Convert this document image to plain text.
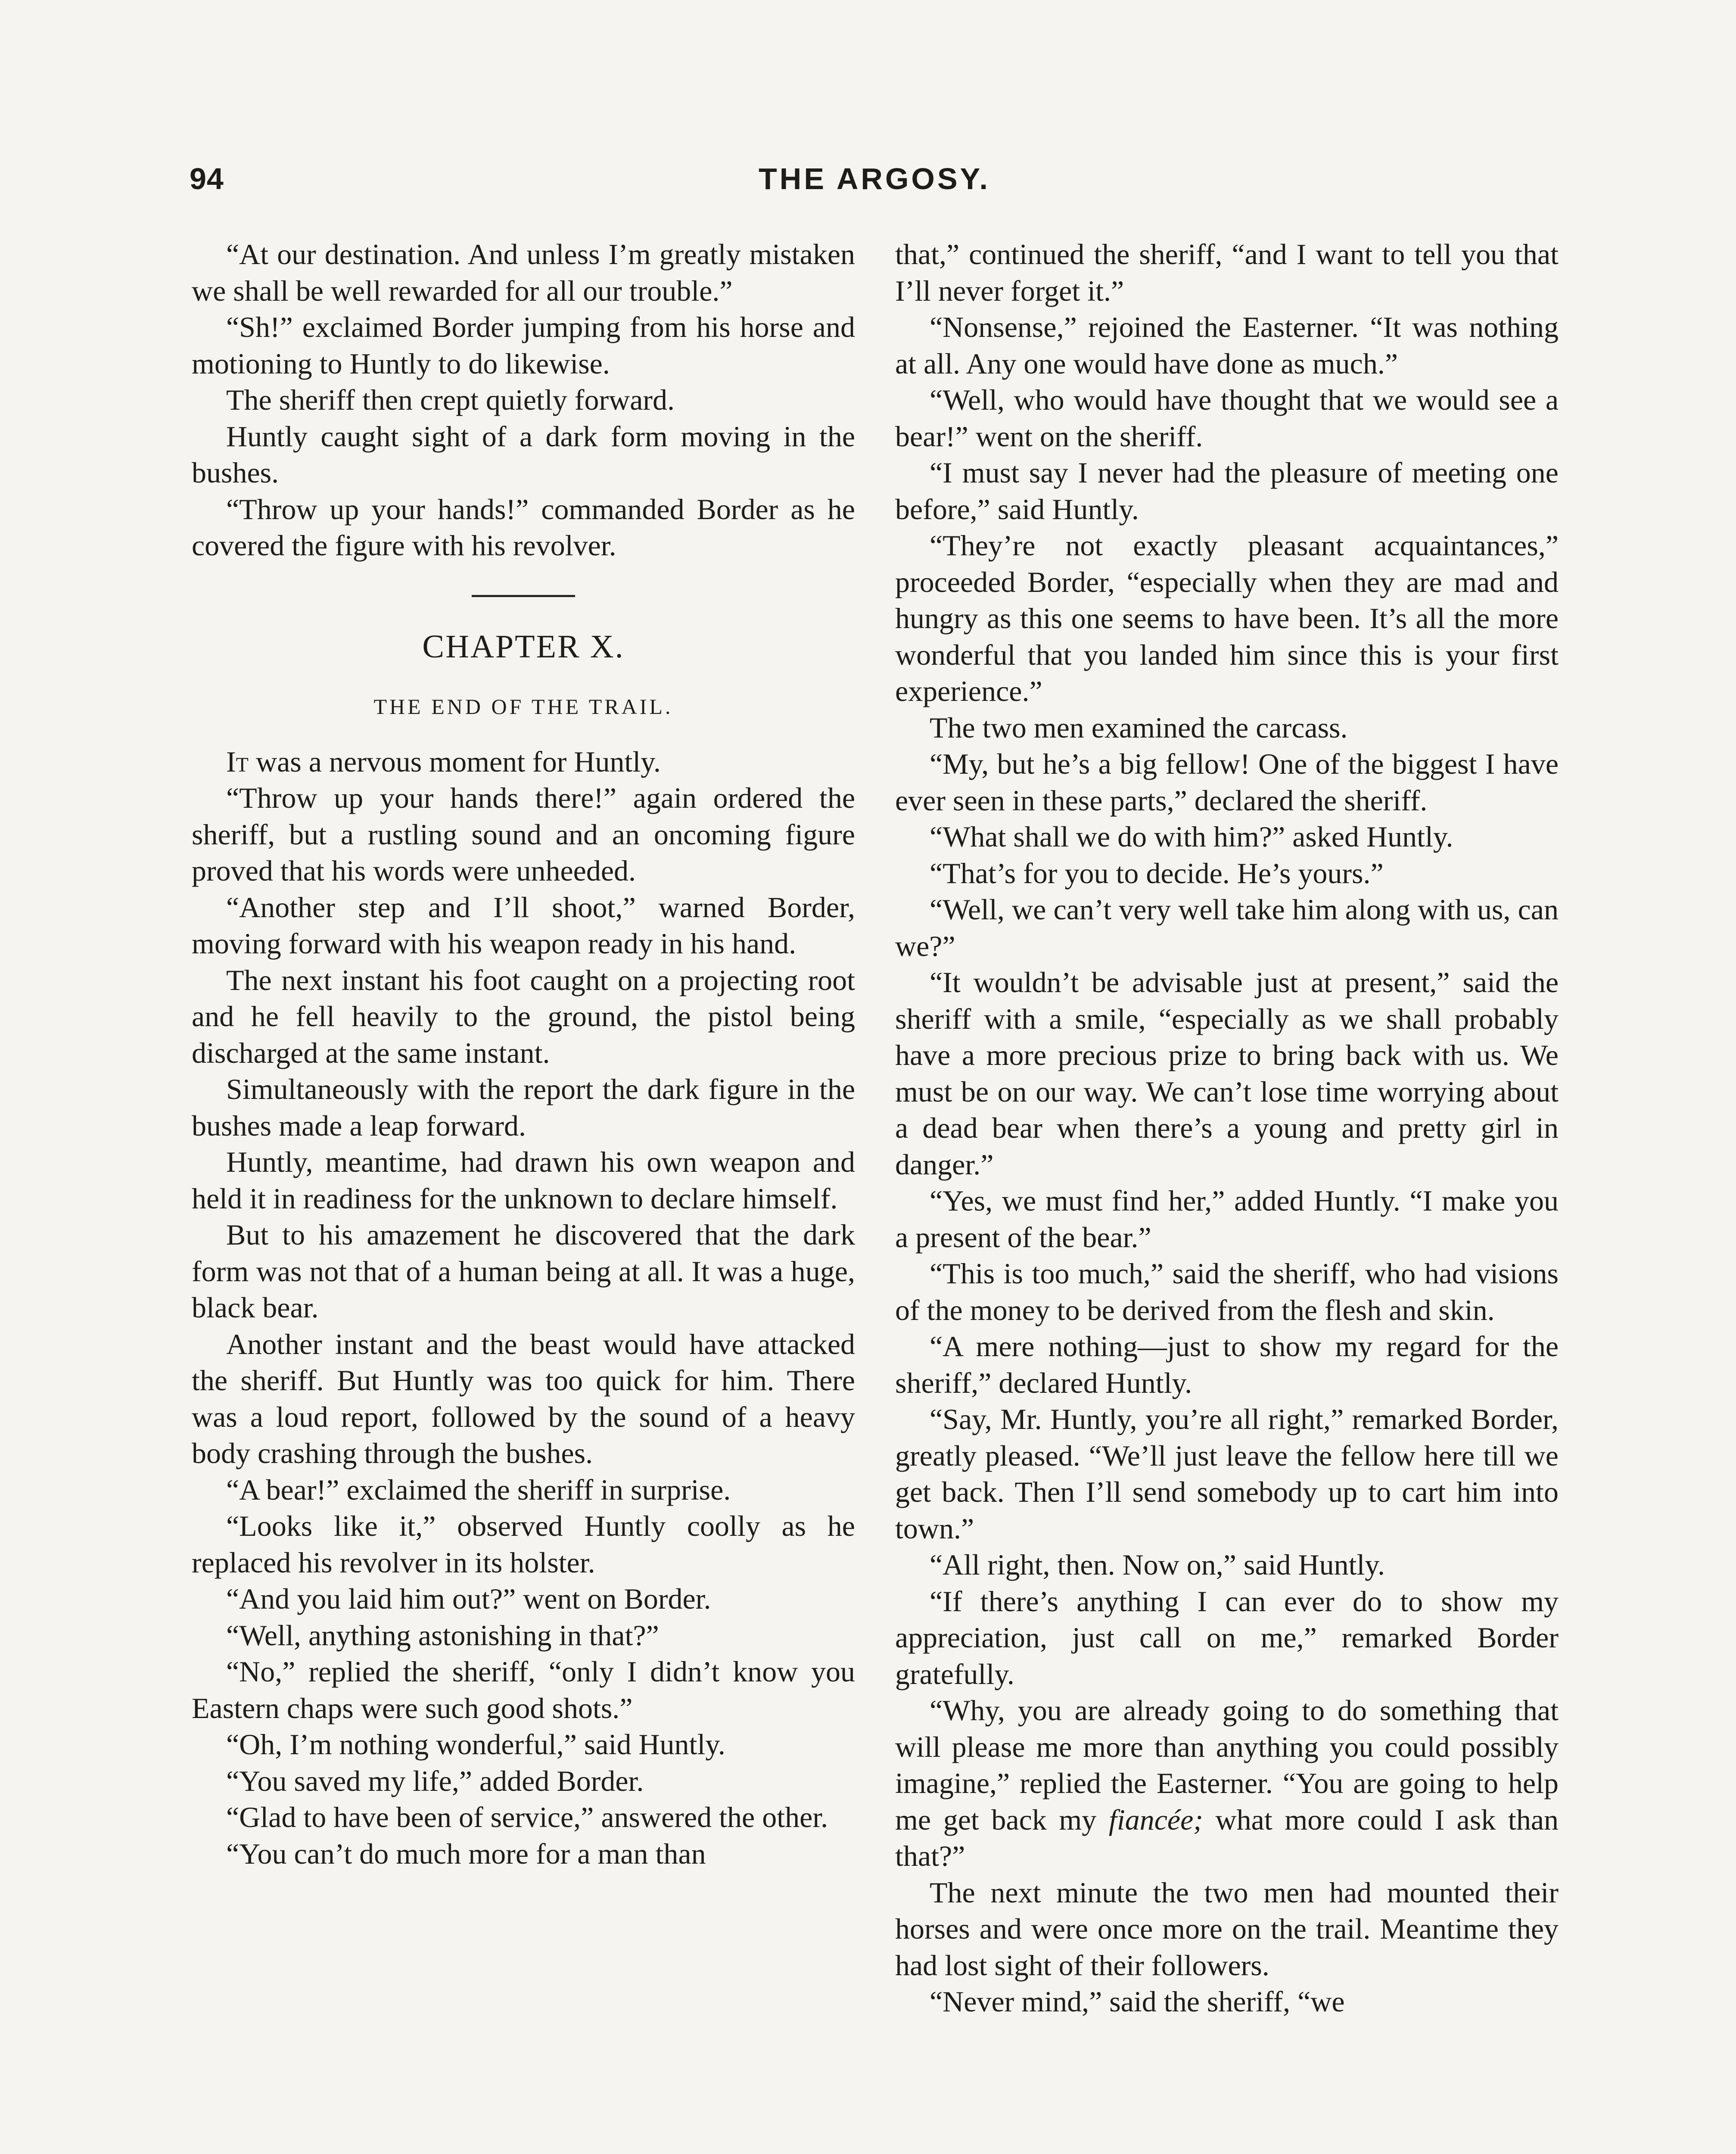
94	THE ARGOSY.

“At our destination. And unless I’m greatly mistaken we shall be well rewarded for all our trouble.”

“Sh!” exclaimed Border jumping from his horse and motioning to Huntly to do likewise.

The sheriff then crept quietly forward.

Huntly caught sight of a dark form moving in the bushes.

“Throw up your hands!” commanded Border as he covered the figure with his revolver.

CHAPTER X.

THE END OF THE TRAIL.

It was a nervous moment for Huntly.

“Throw up your hands there!” again ordered the sheriff, but a rustling sound and an oncoming figure proved that his words were unheeded.

“Another step and I’ll shoot,” warned Border, moving forward with his weapon ready in his hand.

The next instant his foot caught on a projecting root and he fell heavily to the ground, the pistol being discharged at the same instant.

Simultaneously with the report the dark figure in the bushes made a leap forward.

Huntly, meantime, had drawn his own weapon and held it in readiness for the unknown to declare himself.

But to his amazement he discovered that the dark form was not that of a human being at all. It was a huge, black bear.

Another instant and the beast would have attacked the sheriff. But Huntly was too quick for him. There was a loud report, followed by the sound of a heavy body crashing through the bushes.

“A bear!” exclaimed the sheriff in surprise.

“Looks like it,” observed Huntly coolly as he replaced his revolver in its holster.

“And you laid him out?” went on Border.

“Well, anything astonishing in that?”

“No,” replied the sheriff, “only I didn’t know you Eastern chaps were such good shots.”

“Oh, I’m nothing wonderful,” said Huntly.

“You saved my life,” added Border.

“Glad to have been of service,” answered the other.

“You can’t do much more for a man than

that,” continued the sheriff, “and I want to tell you that I’ll never forget it.”

“Nonsense,” rejoined the Easterner. “It was nothing at all. Any one would have done as much.”

“Well, who would have thought that we would see a bear!” went on the sheriff.

“I must say I never had the pleasure of meeting one before,” said Huntly.

“They’re not exactly pleasant acquaintances,” proceeded Border, “especially when they are mad and hungry as this one seems to have been. It’s all the more wonderful that you landed him since this is your first experience.”

The two men examined the carcass.

“My, but he’s a big fellow! One of the biggest I have ever seen in these parts,” declared the sheriff.

“What shall we do with him?” asked Huntly.

“That’s for you to decide. He’s yours.”

“Well, we can’t very well take him along with us, can we?”

“It wouldn’t be advisable just at present,” said the sheriff with a smile, “especially as we shall probably have a more precious prize to bring back with us. We must be on our way. We can’t lose time worrying about a dead bear when there’s a young and pretty girl in danger.”

“Yes, we must find her,” added Huntly. “I make you a present of the bear.”

“This is too much,” said the sheriff, who had visions of the money to be derived from the flesh and skin.

“A mere nothing—just to show my regard for the sheriff,” declared Huntly.

“Say, Mr. Huntly, you’re all right,” remarked Border, greatly pleased. “We’ll just leave the fellow here till we get back. Then I’ll send somebody up to cart him into town.”

“All right, then. Now on,” said Huntly.

“If there’s anything I can ever do to show my appreciation, just call on me,” remarked Border gratefully.

“Why, you are already going to do something that will please me more than anything you could possibly imagine,” replied the Easterner. “You are going to help me get back my fiancée; what more could I ask than that?”

The next minute the two men had mounted their horses and were once more on the trail. Meantime they had lost sight of their followers.

“Never mind,” said the sheriff, “we
